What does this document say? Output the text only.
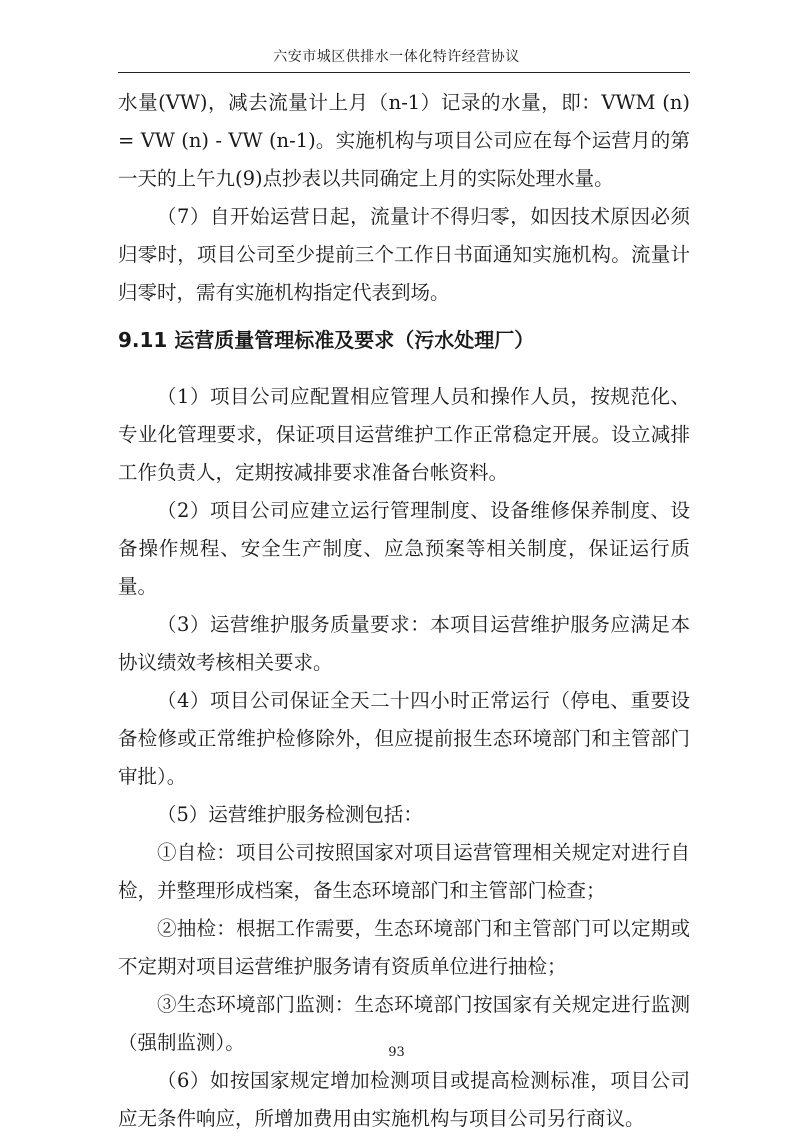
六安市城区供排水一体化特许经营协议

水量(VW)，减去流量计上月（n-1）记录的水量，即：VWM (n) = VW (n) - VW (n-1)。实施机构与项目公司应在每个运营月的第一天的上午九(9)点抄表以共同确定上月的实际处理水量。

（7）自开始运营日起，流量计不得归零，如因技术原因必须归零时，项目公司至少提前三个工作日书面通知实施机构。流量计归零时，需有实施机构指定代表到场。

9.11 运营质量管理标准及要求（污水处理厂）

（1）项目公司应配置相应管理人员和操作人员，按规范化、专业化管理要求，保证项目运营维护工作正常稳定开展。设立减排工作负责人，定期按减排要求准备台帐资料。

（2）项目公司应建立运行管理制度、设备维修保养制度、设备操作规程、安全生产制度、应急预案等相关制度，保证运行质量。

（3）运营维护服务质量要求：本项目运营维护服务应满足本协议绩效考核相关要求。

（4）项目公司保证全天二十四小时正常运行（停电、重要设备检修或正常维护检修除外，但应提前报生态环境部门和主管部门审批）。

（5）运营维护服务检测包括：

①自检：项目公司按照国家对项目运营管理相关规定对进行自检，并整理形成档案，备生态环境部门和主管部门检查；

②抽检：根据工作需要，生态环境部门和主管部门可以定期或不定期对项目运营维护服务请有资质单位进行抽检；

③生态环境部门监测：生态环境部门按国家有关规定进行监测（强制监测）。

（6）如按国家规定增加检测项目或提高检测标准，项目公司应无条件响应，所增加费用由实施机构与项目公司另行商议。

93
